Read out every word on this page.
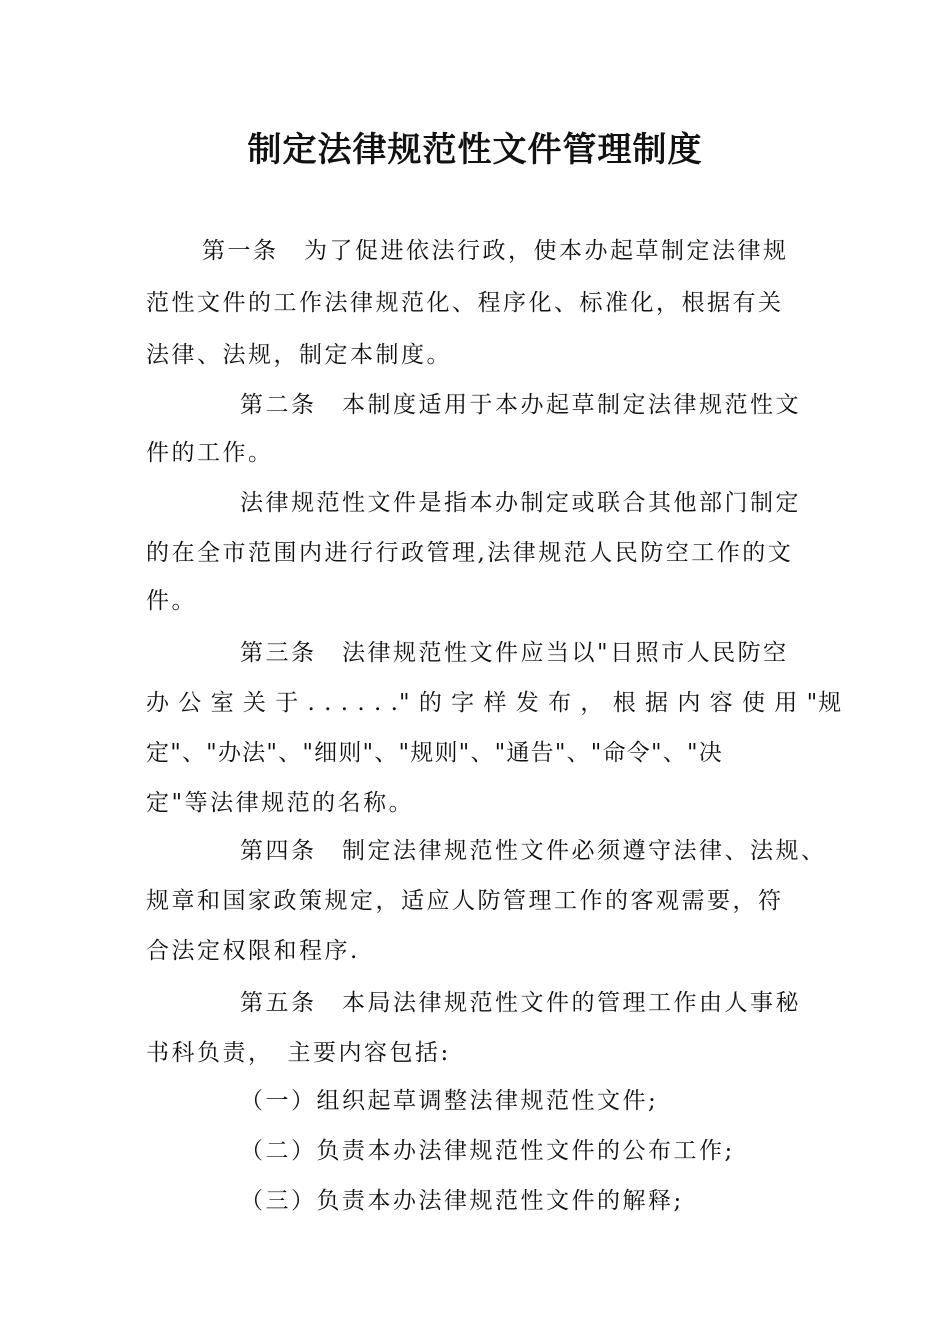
制定法律规范性文件管理制度
第一条　为了促进依法行政，使本办起草制定法律规
范性文件的工作法律规范化、程序化、标准化，根据有关
法律、法规，制定本制度。
第二条　本制度适用于本办起草制定法律规范性文
件的工作。
法律规范性文件是指本办制定或联合其他部门制定
的在全市范围内进行行政管理,法律规范人民防空工作的文
件。
第三条　法律规范性文件应当以"日照市人民防空
办 公 室 关 于 . . . . . ." 的 字 样 发 布 ， 根 据 内 容 使 用 "规
定"、"办法"、"细则"、"规则"、"通告"、"命令"、"决
定"等法律规范的名称。
第四条　制定法律规范性文件必须遵守法律、法规、
规章和国家政策规定，适应人防管理工作的客观需要，符
合法定权限和程序.
第五条　本局法律规范性文件的管理工作由人事秘
书科负责，　主要内容包括:
（一）组织起草调整法律规范性文件;
（二）负责本办法律规范性文件的公布工作;
（三）负责本办法律规范性文件的解释;
